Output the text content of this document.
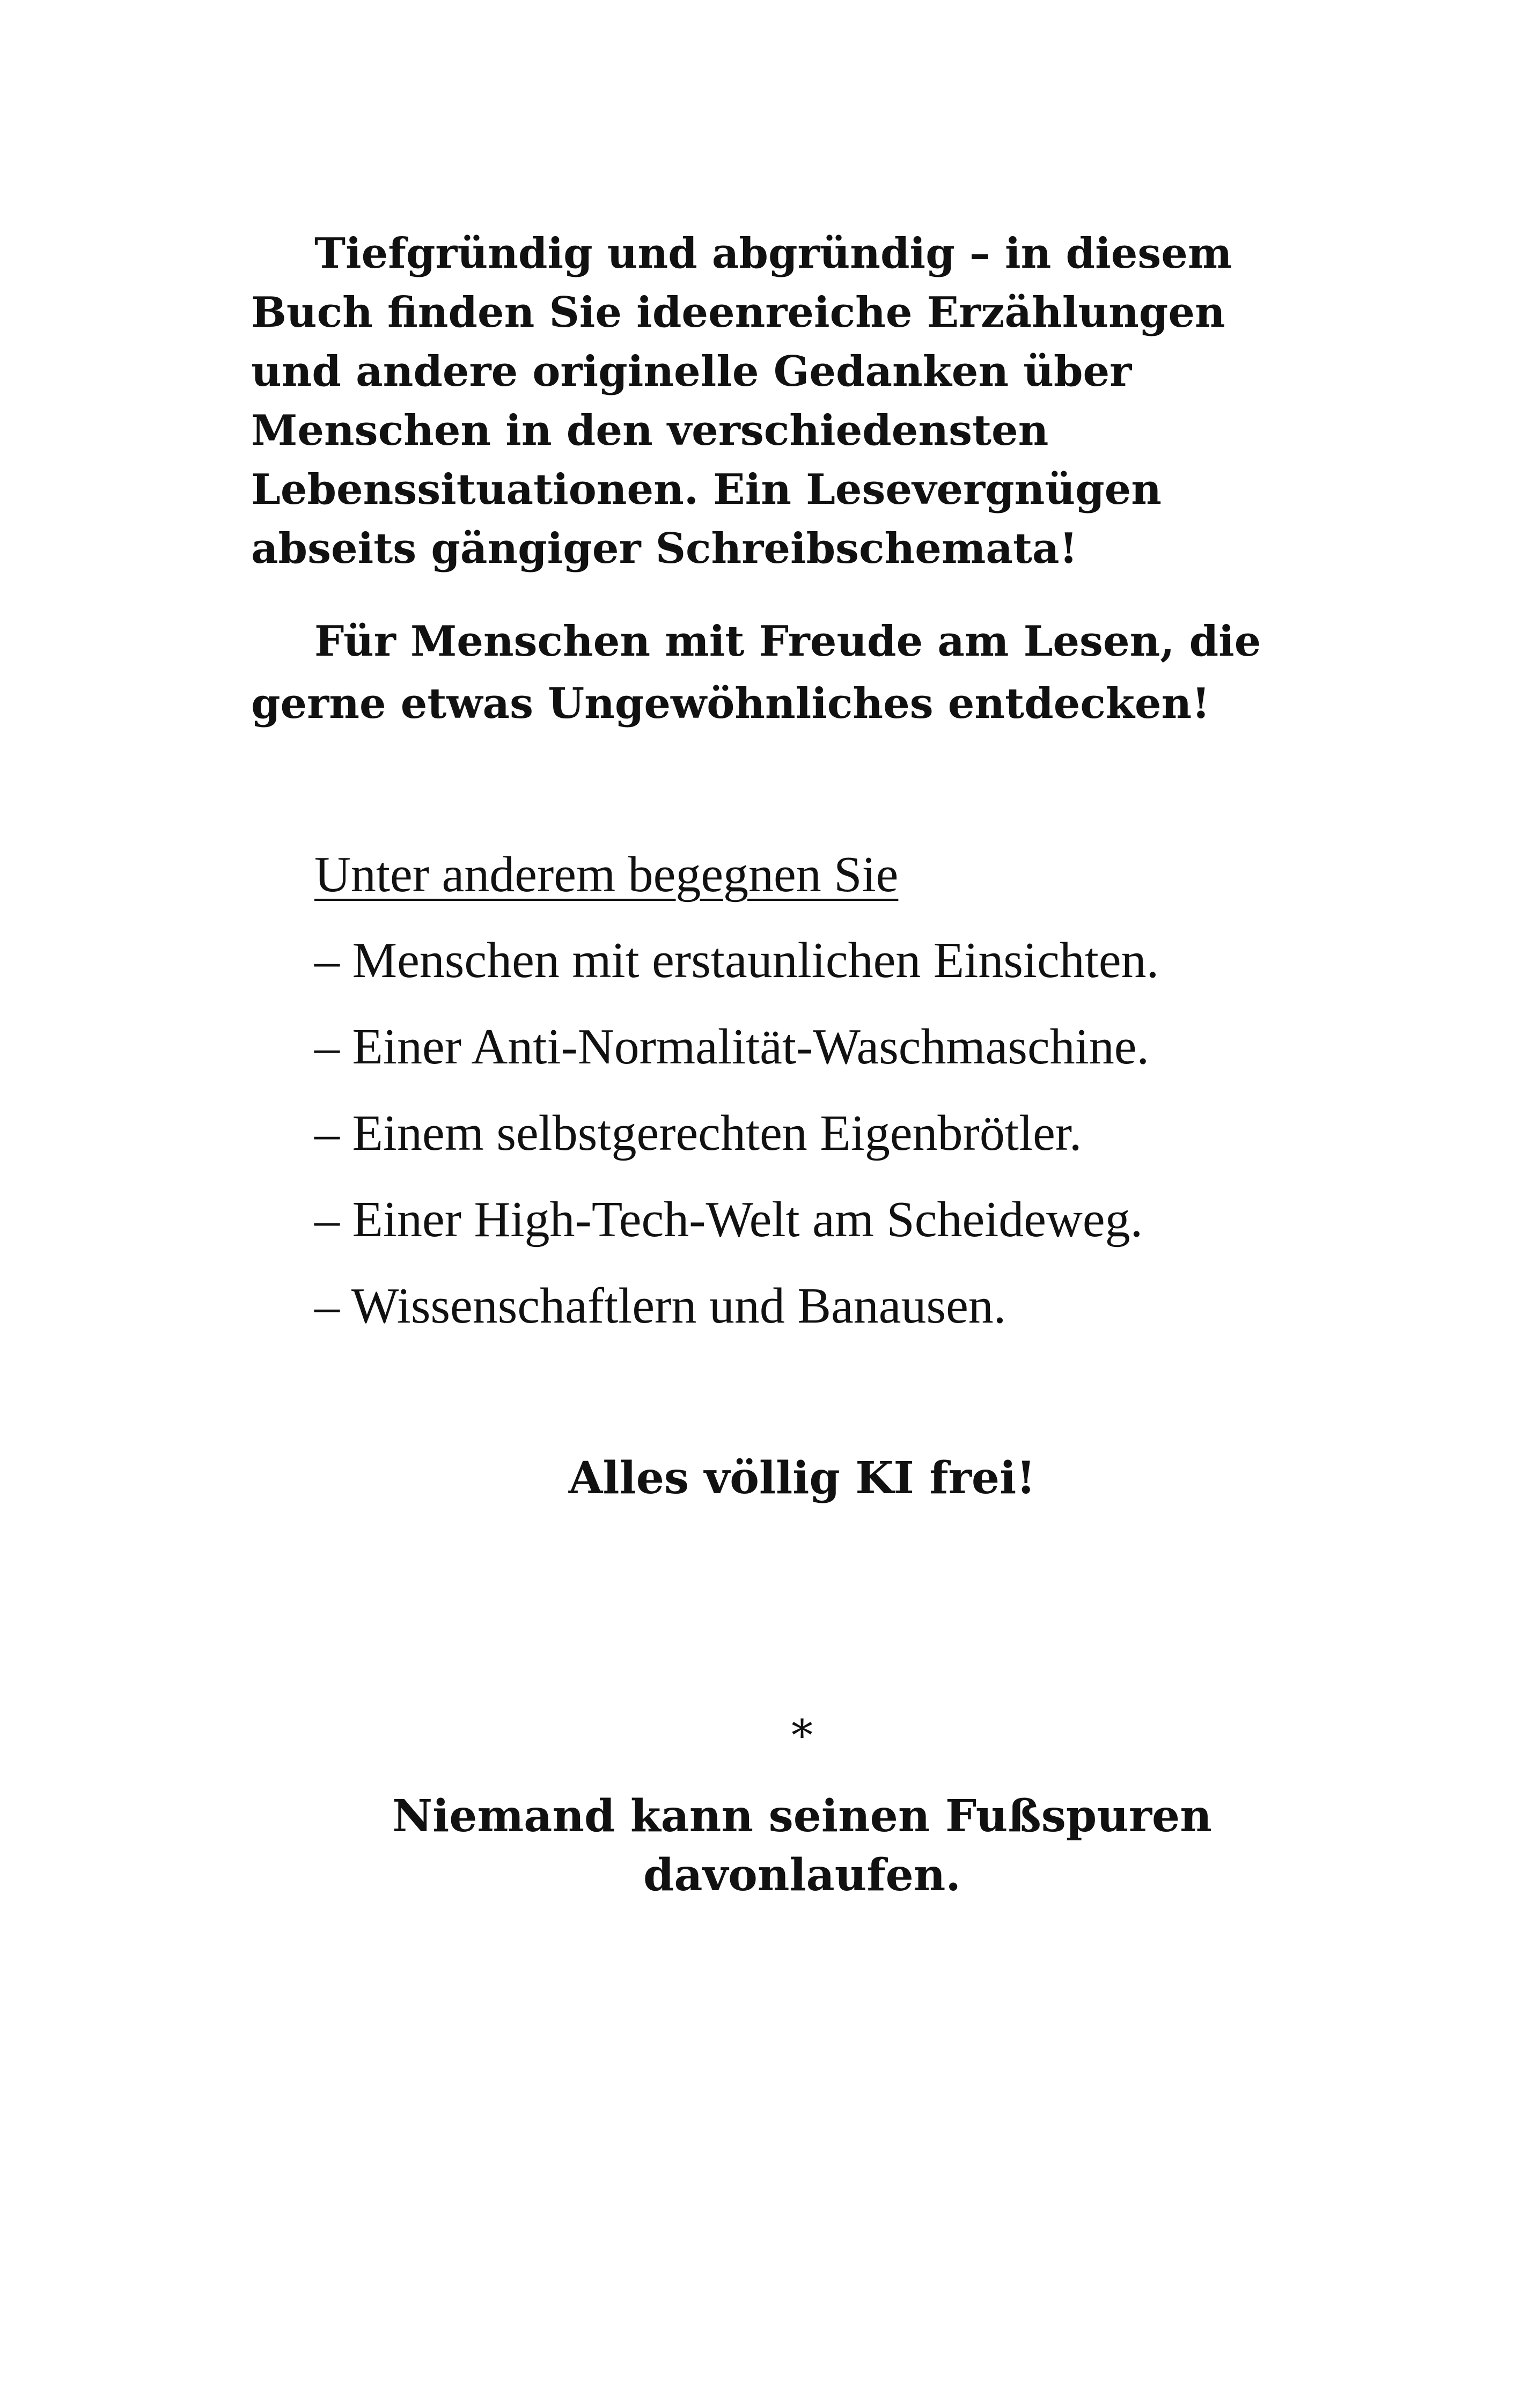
Tiefgründig und abgründig – in diesem Buch finden Sie ideenreiche Erzählungen und andere originelle Gedanken über Menschen in den verschiedensten Lebenssituationen. Ein Lesevergnügen abseits gängiger Schreibschemata!

Für Menschen mit Freude am Lesen, die gerne etwas Ungewöhnliches entdecken!

Unter anderem begegnen Sie

– Menschen mit erstaunlichen Einsichten.
– Einer Anti-Normalität-Waschmaschine.
– Einem selbstgerechten Eigenbrötler.
– Einer High-Tech-Welt am Scheideweg.
– Wissenschaftlern und Banausen.

Alles völlig KI frei!

*

Niemand kann seinen Fußspuren
davonlaufen.
